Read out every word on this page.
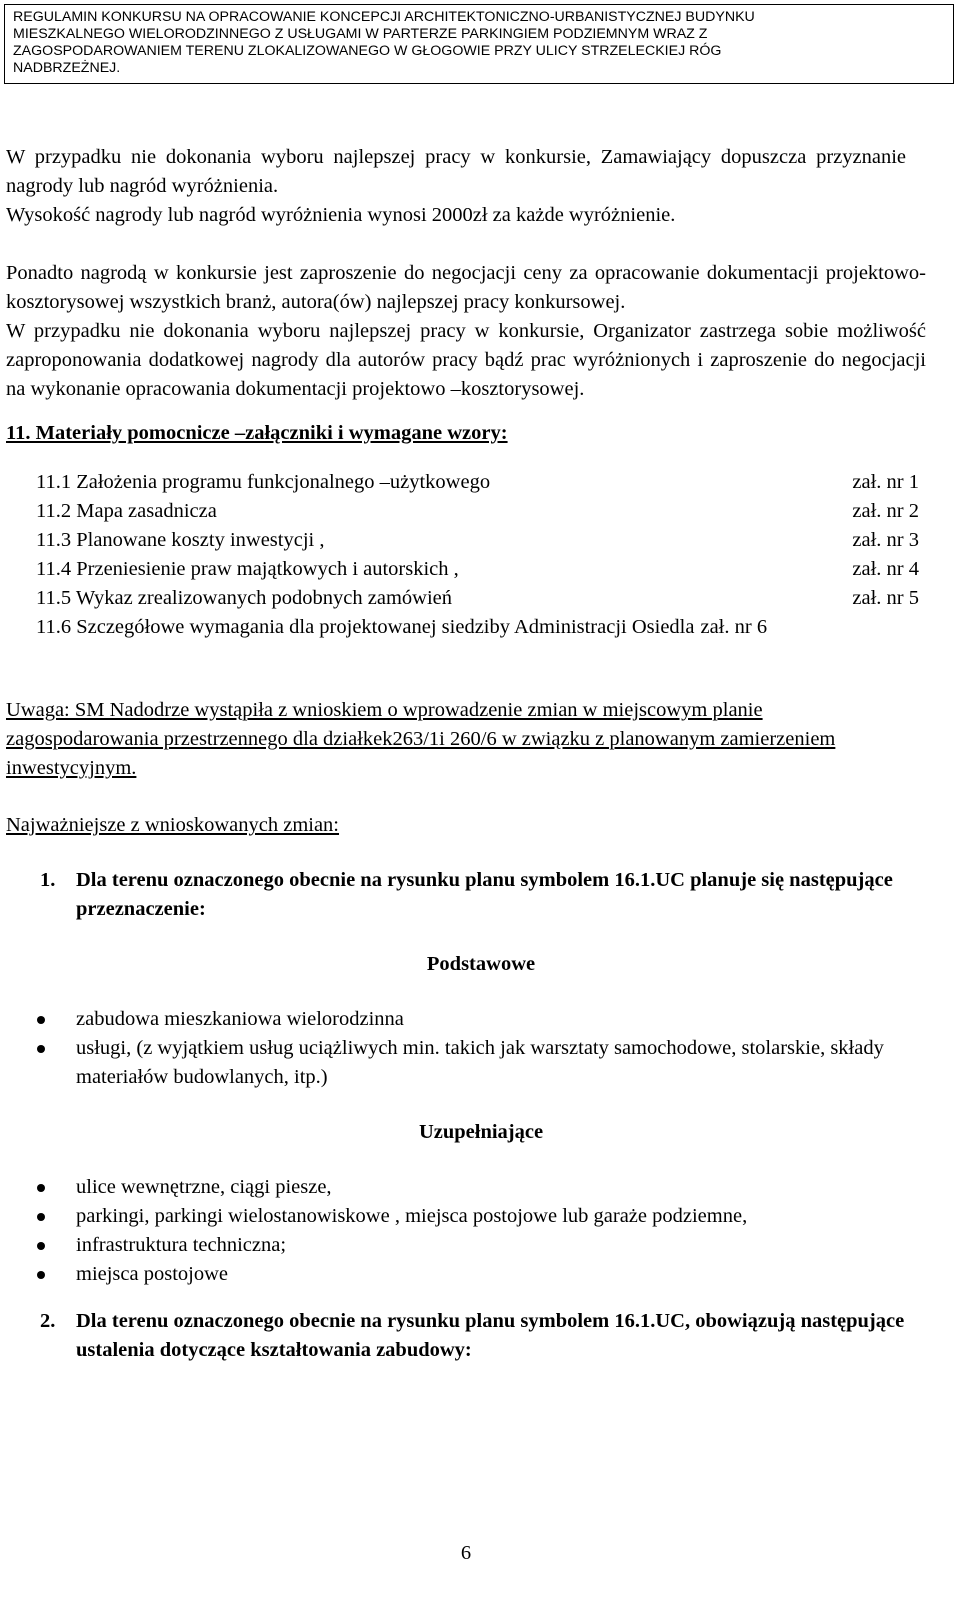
REGULAMIN KONKURSU NA OPRACOWANIE KONCEPCJI ARCHITEKTONICZNO-URBANISTYCZNEJ BUDYNKU
MIESZKALNEGO WIELORODZINNEGO Z USŁUGAMI W PARTERZE PARKINGIEM PODZIEMNYM WRAZ Z
ZAGOSPODAROWANIEM TERENU ZLOKALIZOWANEGO W GŁOGOWIE PRZY ULICY STRZELECKIEJ RÓG
NADBRZEŻNEJ.

W przypadku nie dokonania wyboru najlepszej pracy w konkursie, Zamawiający dopuszcza przyznanie nagrody lub nagród wyróżnienia.

Wysokość nagrody lub nagród wyróżnienia wynosi 2000zł za każde wyróżnienie.

Ponadto nagrodą w konkursie jest zaproszenie do negocjacji ceny za opracowanie dokumentacji projektowo-kosztorysowej wszystkich branż, autora(ów) najlepszej pracy konkursowej.

W przypadku nie dokonania wyboru najlepszej pracy w konkursie, Organizator zastrzega sobie możliwość zaproponowania dodatkowej nagrody dla autorów pracy bądź prac wyróżnionych i zaproszenie do negocjacji na wykonanie opracowania dokumentacji projektowo –kosztorysowej.

11. Materiały pomocnicze –załączniki i wymagane wzory:

11.1 Założenia programu funkcjonalnego –użytkowego	zał. nr 1
11.2 Mapa zasadnicza	zał. nr 2
11.3 Planowane koszty inwestycji ,	zał. nr 3
11.4 Przeniesienie praw majątkowych i autorskich ,	zał. nr 4
11.5 Wykaz zrealizowanych podobnych zamówień	zał. nr 5
11.6 Szczegółowe wymagania dla projektowanej siedziby Administracji Osiedla zał. nr 6

Uwaga: SM Nadodrze wystąpiła z wnioskiem o wprowadzenie zmian w miejscowym planie zagospodarowania przestrzennego dla działkek263/1i 260/6 w związku z planowanym zamierzeniem inwestycyjnym.

Najważniejsze z wnioskowanych zmian:

1.	Dla terenu oznaczonego obecnie na rysunku planu symbolem 16.1.UC planuje się następujące przeznaczenie:

Podstawowe

zabudowa mieszkaniowa wielorodzinna
usługi, (z wyjątkiem usług uciążliwych min. takich jak warsztaty samochodowe, stolarskie, składy materiałów budowlanych, itp.)

Uzupełniające

ulice wewnętrzne, ciągi piesze,
parkingi, parkingi wielostanowiskowe , miejsca postojowe lub garaże podziemne,
infrastruktura techniczna;
miejsca postojowe
2.	Dla terenu oznaczonego obecnie na rysunku planu symbolem 16.1.UC, obowiązują następujące ustalenia dotyczące kształtowania zabudowy:
6
